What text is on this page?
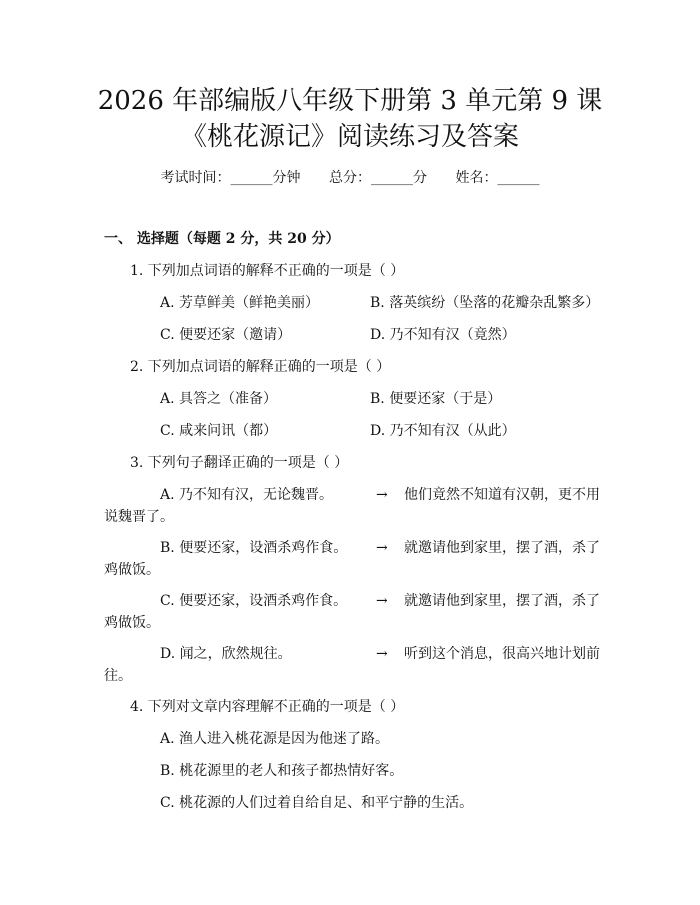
2026 年部编版八年级下册第 3 单元第 9 课
《桃花源记》阅读练习及答案
考试时间：______分钟 总分：______分 姓名：______
一、 选择题（每题 2 分，共 20 分）
1. 下列加点词语的解释不正确的一项是（ ）
A. 芳草鲜美（鲜艳美丽）	B. 落英缤纷（坠落的花瓣杂乱繁多）
C. 便要还家（邀请）	D. 乃不知有汉（竟然）
2. 下列加点词语的解释正确的一项是（ ）
A. 具答之（准备）	B. 便要还家（于是）
C. 咸来问讯（都）	D. 乃不知有汉（从此）
3. 下列句子翻译正确的一项是（ ）
A. 乃不知有汉，无论魏晋。	→ 他们竟然不知道有汉朝，更不用
说魏晋了。
B. 便要还家，设酒杀鸡作食。 → 就邀请他到家里，摆了酒，杀了
鸡做饭。
C. 便要还家，设酒杀鸡作食。 → 就邀请他到家里，摆了酒，杀了
鸡做饭。
D. 闻之，欣然规往。	→ 听到这个消息，很高兴地计划前
往。
4. 下列对文章内容理解不正确的一项是（ ）
A. 渔人进入桃花源是因为他迷了路。
B. 桃花源里的老人和孩子都热情好客。
C. 桃花源的人们过着自给自足、和平宁静的生活。
